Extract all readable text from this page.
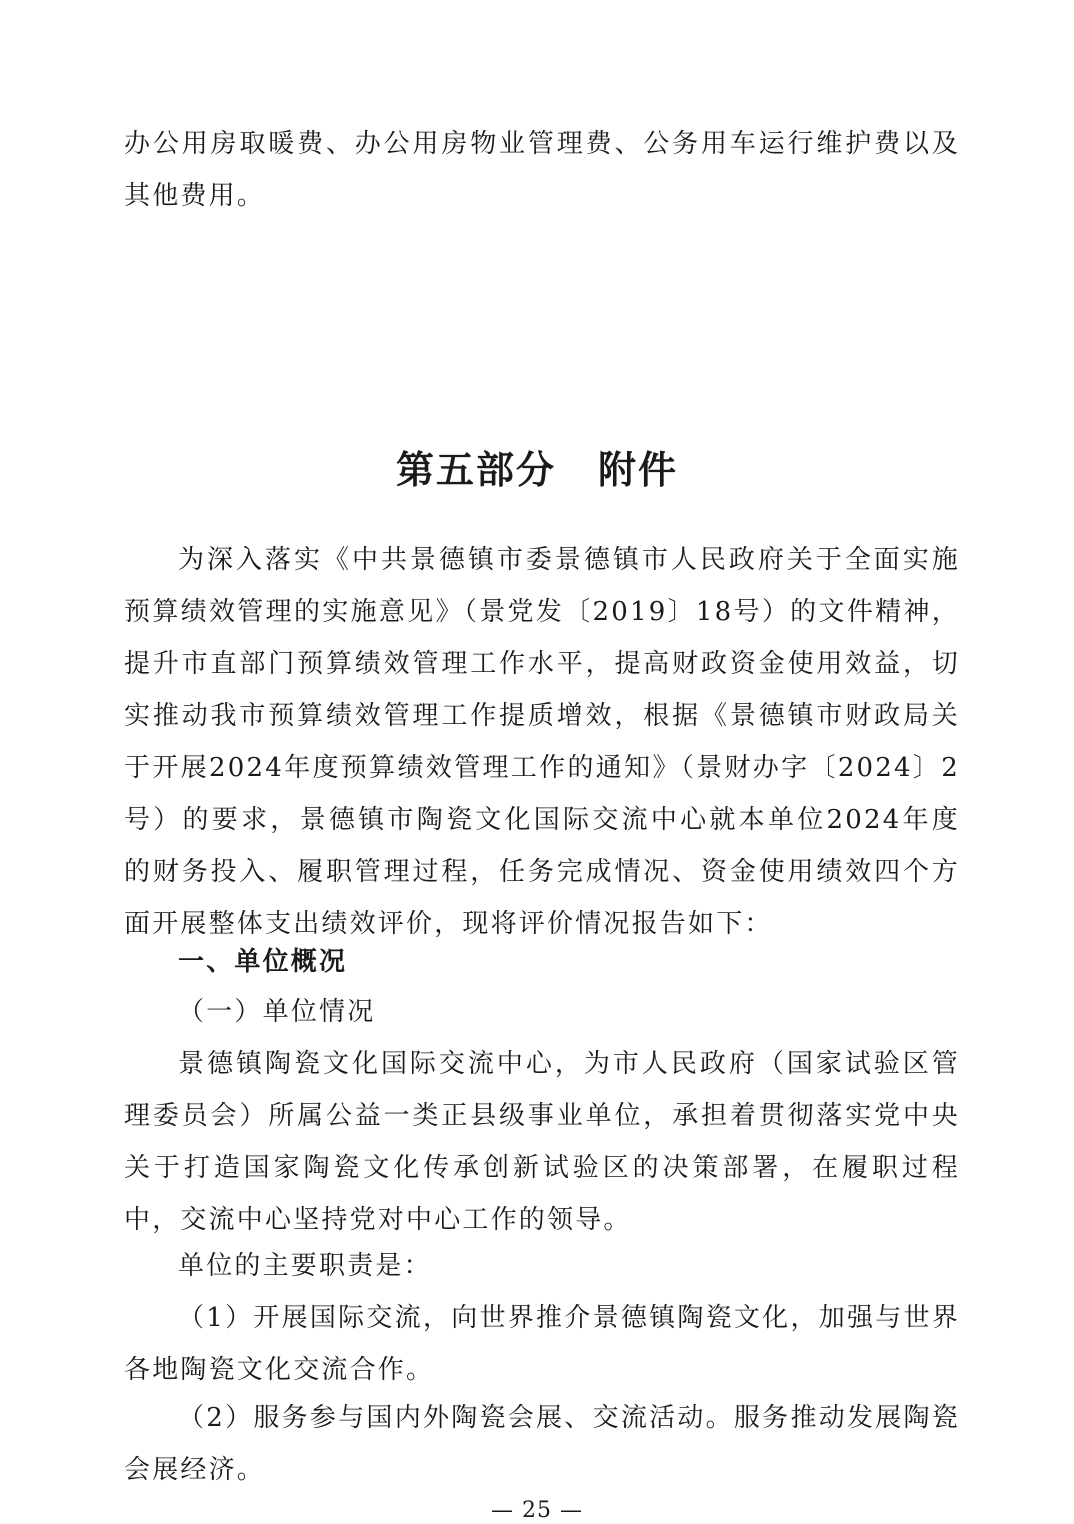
办公用房取暖费、办公用房物业管理费、公务用车运行维护费以及其他费用。

第五部分 附件

为深入落实《中共景德镇市委景德镇市人民政府关于全面实施预算绩效管理的实施意见》（景党发〔2019〕18号）的文件精神，提升市直部门预算绩效管理工作水平，提高财政资金使用效益，切实推动我市预算绩效管理工作提质增效，根据《景德镇市财政局关于开展2024年度预算绩效管理工作的通知》（景财办字〔2024〕2号）的要求，景德镇市陶瓷文化国际交流中心就本单位2024年度的财务投入、履职管理过程，任务完成情况、资金使用绩效四个方面开展整体支出绩效评价，现将评价情况报告如下：

一、单位概况

（一）单位情况

景德镇陶瓷文化国际交流中心，为市人民政府（国家试验区管理委员会）所属公益一类正县级事业单位，承担着贯彻落实党中央关于打造国家陶瓷文化传承创新试验区的决策部署，在履职过程中，交流中心坚持党对中心工作的领导。

单位的主要职责是：

（1）开展国际交流，向世界推介景德镇陶瓷文化，加强与世界各地陶瓷文化交流合作。

（2）服务参与国内外陶瓷会展、交流活动。服务推动发展陶瓷会展经济。

— 25 —
